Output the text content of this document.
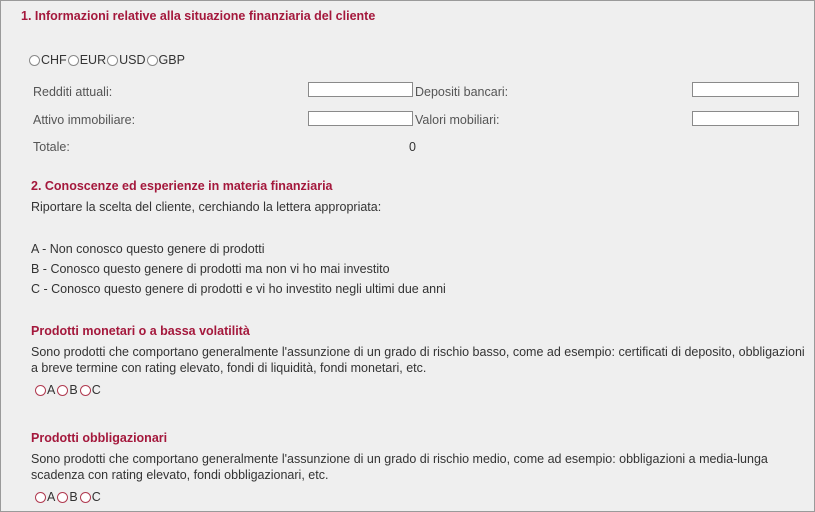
1. Informazioni relative alla situazione finanziaria del cliente
CHF EUR USD GBP
Redditi attuali:
Attivo immobiliare:
Depositi bancari:
Valori mobiliari:
Totale:	0
2. Conoscenze ed esperienze in materia finanziaria
Riportare la scelta del cliente, cerchiando la lettera appropriata:
A - Non conosco questo genere di prodotti
B - Conosco questo genere di prodotti ma non vi ho mai investito
C - Conosco questo genere di prodotti e vi ho investito negli ultimi due anni
Prodotti monetari o a bassa volatilità
Sono prodotti che comportano generalmente l'assunzione di un grado di rischio basso, come ad esempio: certificati di deposito, obbligazioni a breve termine con rating elevato, fondi di liquidità, fondi monetari, etc.
A B C
Prodotti obbligazionari
Sono prodotti che comportano generalmente l'assunzione di un grado di rischio medio, come ad esempio: obbligazioni a media-lunga scadenza con rating elevato, fondi obbligazionari, etc.
A B C
